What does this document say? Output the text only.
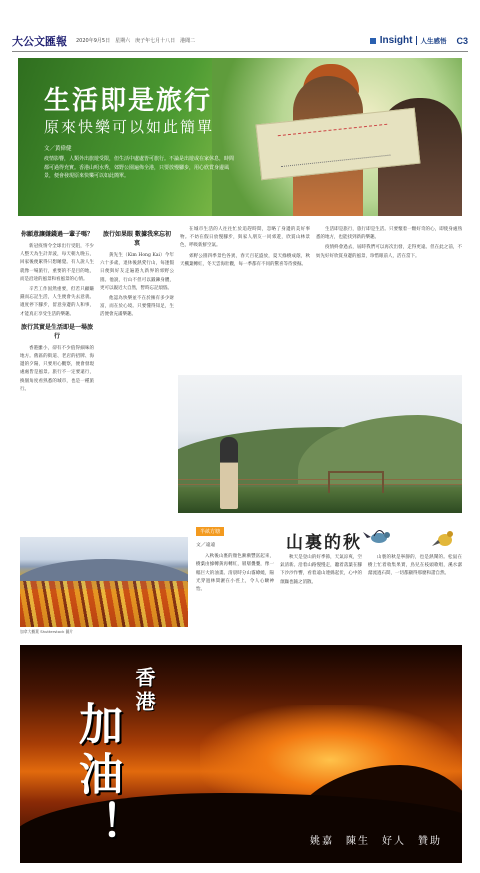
大公文匯報	2020年9月5日　星期六　庚子年七月十八日　港聞二	Insight	人生感悟 C3
生活即是旅行
原來快樂可以如此簡單
文／黃偉健
疫情影響，人類外出旅遊受限，但生活中處處皆可旅行。不論是出遊或在家休息，時間都可過得充實。香港山明水秀，郊野公園遍佈全港，只要放慢腳步，用心欣賞身邊風景，便會發現原來快樂可以如此簡單。
你願意讓嫌錢過一輩子嗎？

新冠疫情令全球出行受阻，不少人整天為生計奔波，每天朝九晚五，回家後便累得只想睡覺。有人說人生就像一場旅行，重要的不是目的地，而是沿途的風景和看風景的心情。

辛苦工作固然重要，但若只顧賺錢而忘記生活，人生便會失去意義。適度停下腳步，留意身邊的人和事，才能真正享受生活的樂趣。

旅行其實是生活即是一場旅行

香港雖小，卻有不少值得細味的地方。舊區的街道、老店的招牌、海邊的夕陽，只要用心觀察，便會發現處處皆是風景。旅行不一定要遠行，換個角度看熟悉的城市，也是一種旅行。

旅行如果眼 數據我來忘初衷

黃先生（Kim Hong Kai）今年六十多歲，退休後熱愛行山，每逢假日便與好友走遍港九新界的郊野公園。他說，行山不但可以鍛鍊身體，更可以親近大自然，暫時忘記煩惱。

他認為快樂並不在於擁有多少財富，而在於心境。只要懂得知足，生活便會充滿樂趣。

在城市生活的人往往忙於追趕時間，忽略了身邊的美好事物。不妨在假日放慢腳步，與家人朋友一同郊遊，欣賞山林景色，呼吸新鮮空氣。

郊野公園四季景色各異，春天百花盛放，夏天綠樹成蔭，秋天楓葉轉紅，冬天雲海壯觀，每一季都有不同的驚喜等待發掘。

生活即是旅行，旅行即是生活。只要懷着一顆好奇的心，即使身處熟悉的地方，也能找到新的樂趣。

疫情終會過去，屆時我們可以再次出發，走得更遠。但在此之前，不妨先好好欣賞身邊的風景，珍惜眼前人，活在當下。

半畝方塘
山裏的秋
文／遠遠

入秋後山裏的顏色漸漸豐富起來，樹葉由綠轉黃再轉紅，層層疊疊，像一幅巨大的油畫。清晨時分山霧繚繞，陽光穿過林間灑在小徑上，令人心曠神怡。

秋天是登山的好季節，天氣涼爽，空氣清新。沿着山路慢慢走，聽着落葉在腳下沙沙作響，看着遠山連綿起伏，心中的煩躁也隨之消散。

山裏的秋是寧靜的，也是熱鬧的。松鼠在樹上忙着收集果實，鳥兒在枝頭歌唱，溪水潺潺流過石間，一切都顯得那麼和諧自然。

加拿大楓葉 Shutterstock 圖片
香港
加油！	姚嘉　陳生　好人　贊助
